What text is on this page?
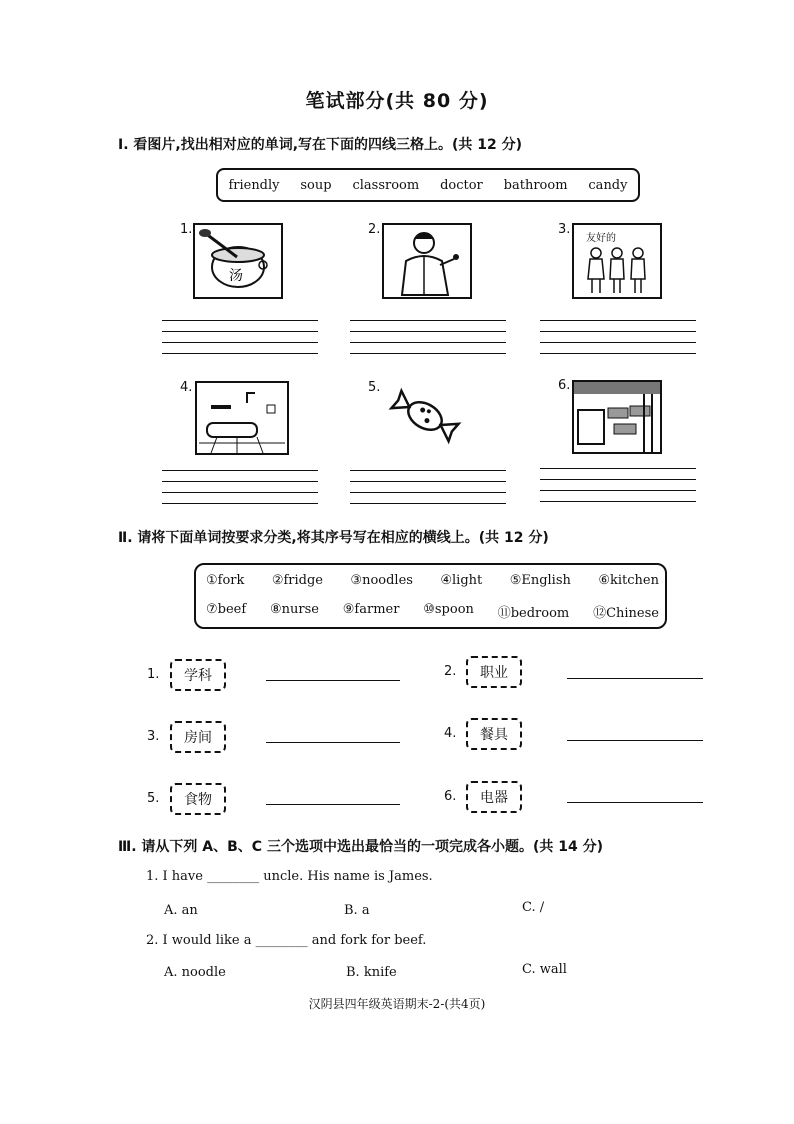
笔试部分(共 80 分)
Ⅰ. 看图片,找出相对应的单词,写在下面的四线三格上。(共 12 分)
friendly soup classroom doctor bathroom candy
1.
汤
2.	3.
友好的
4.	5.	6.
Ⅱ. 请将下面单词按要求分类,将其序号写在相应的横线上。(共 12 分)
①fork ②fridge ③noodles ④light ⑤English ⑥kitchen
⑦beef ⑧nurse ⑨farmer ⑩spoon ⑪bedroom ⑫Chinese
1.	学科	2.	职业
3.	房间	4.	餐具
5.	食物	6.	电器
Ⅲ. 请从下列 A、B、C 三个选项中选出最恰当的一项完成各小题。(共 14 分)
1. I have ________ uncle. His name is James.
A. an	B. a	C. /
2. I would like a ________ and fork for beef.
A. noodle	B. knife	C. wall
汉阴县四年级英语期末-2-(共4页)
